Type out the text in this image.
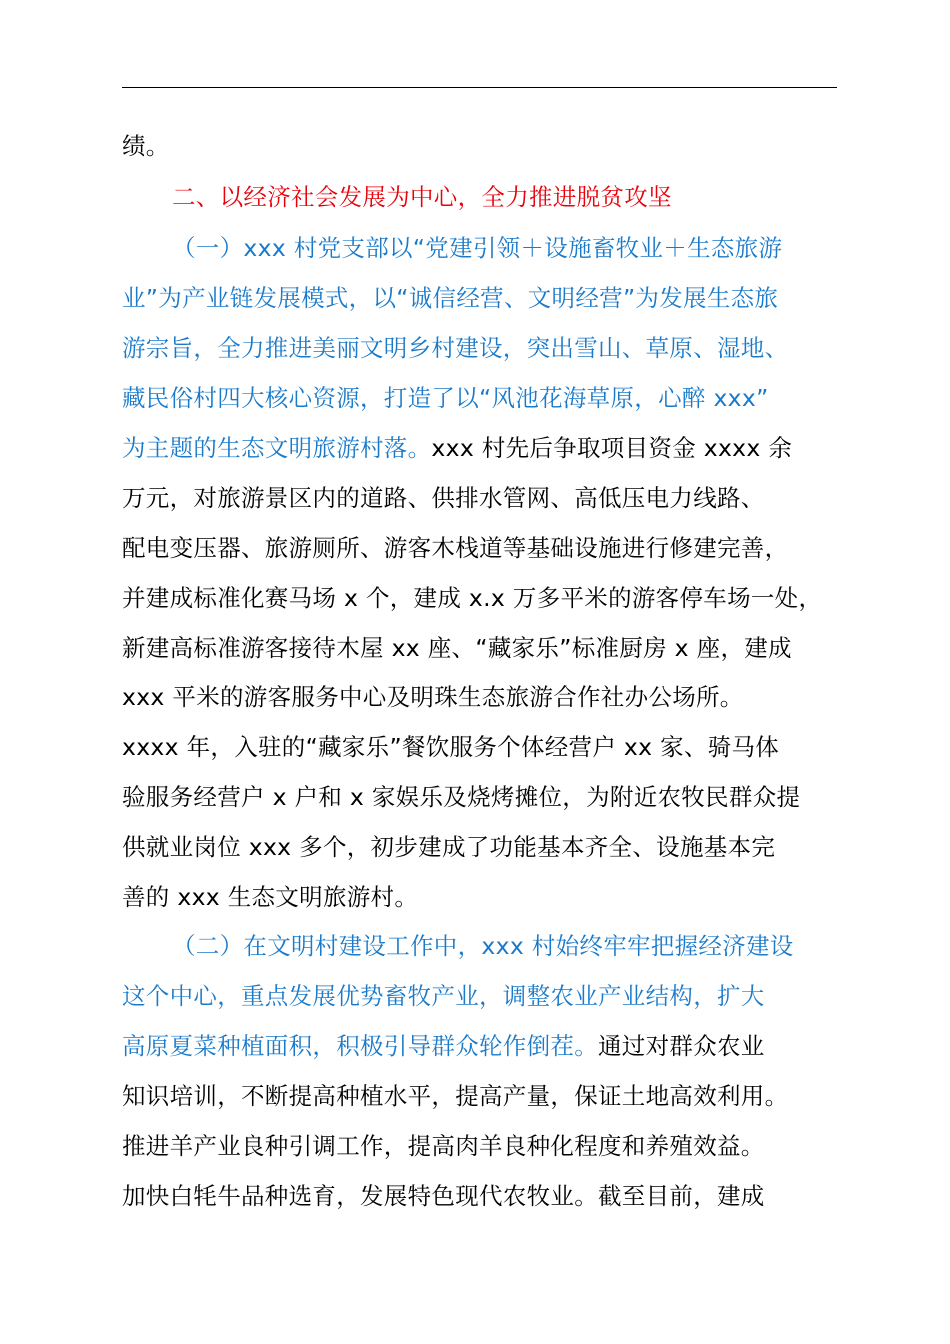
绩。
二、以经济社会发展为中心，全力推进脱贫攻坚
（一）xxx 村党支部以“党建引领＋设施畜牧业＋生态旅游
业”为产业链发展模式，以“诚信经营、文明经营”为发展生态旅
游宗旨，全力推进美丽文明乡村建设，突出雪山、草原、湿地、
藏民俗村四大核心资源，打造了以“风池花海草原，心醉 xxx”
为主题的生态文明旅游村落。xxx 村先后争取项目资金 xxxx 余
万元，对旅游景区内的道路、供排水管网、高低压电力线路、
配电变压器、旅游厕所、游客木栈道等基础设施进行修建完善，
并建成标准化赛马场 x 个，建成 x.x 万多平米的游客停车场一处，
新建高标准游客接待木屋 xx 座、“藏家乐”标准厨房 x 座，建成
xxx 平米的游客服务中心及明珠生态旅游合作社办公场所。
xxxx 年，入驻的“藏家乐”餐饮服务个体经营户 xx 家、骑马体
验服务经营户 x 户和 x 家娱乐及烧烤摊位，为附近农牧民群众提
供就业岗位 xxx 多个，初步建成了功能基本齐全、设施基本完
善的 xxx 生态文明旅游村。
（二）在文明村建设工作中，xxx 村始终牢牢把握经济建设
这个中心，重点发展优势畜牧产业，调整农业产业结构，扩大
高原夏菜种植面积，积极引导群众轮作倒茬。通过对群众农业
知识培训，不断提高种植水平，提高产量，保证土地高效利用。
推进羊产业良种引调工作，提高肉羊良种化程度和养殖效益。
加快白牦牛品种选育，发展特色现代农牧业。截至目前，建成
